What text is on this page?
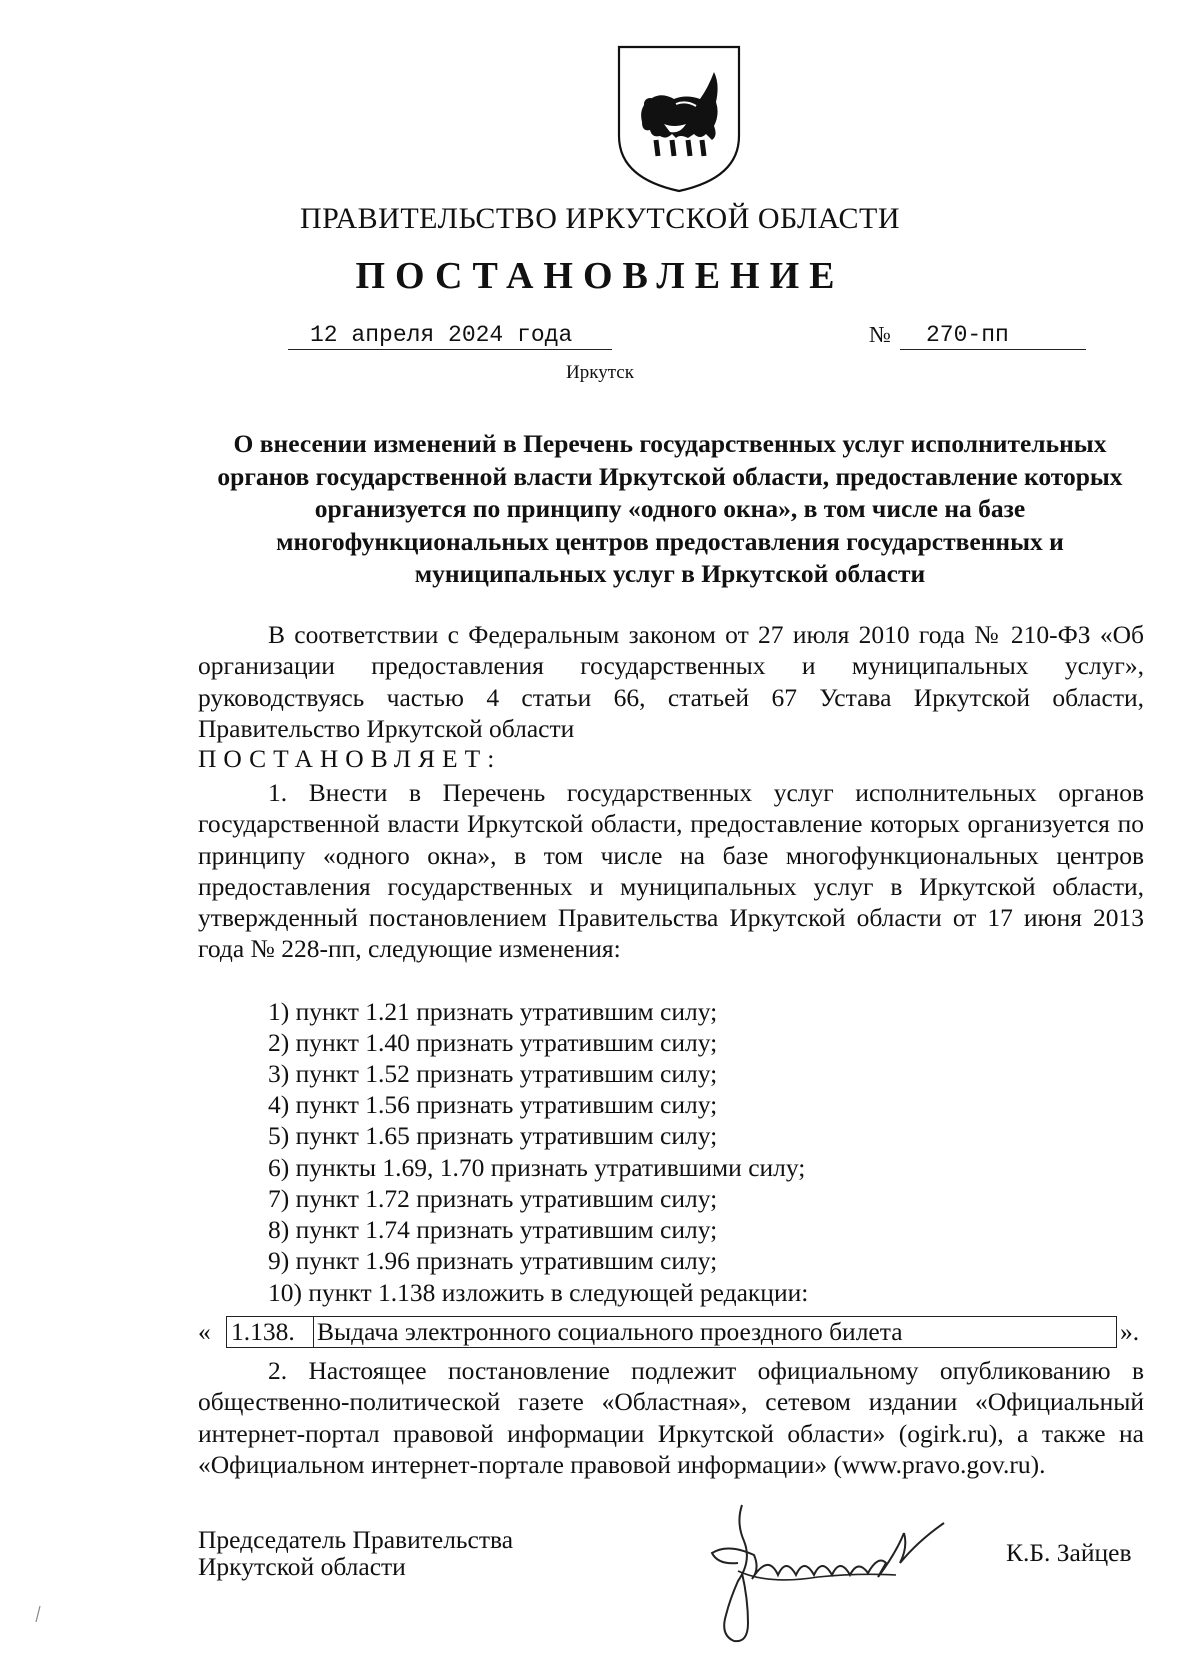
ПРАВИТЕЛЬСТВО ИРКУТСКОЙ ОБЛАСТИ
ПОСТАНОВЛЕНИЕ
12 апреля 2024 года	№	270-пп
Иркутск
О внесении изменений в Перечень государственных услуг исполнительных органов государственной власти Иркутской области, предоставление которых организуется по принципу «одного окна», в том числе на базе многофункциональных центров предоставления государственных и муниципальных услуг в Иркутской области
В соответствии с Федеральным законом от 27 июля 2010 года № 210-ФЗ «Об организации предоставления государственных и муниципальных услуг», руководствуясь частью 4 статьи 66, статьей 67 Устава Иркутской области, Правительство Иркутской области
ПОСТАНОВЛЯЕТ:
1. Внести в Перечень государственных услуг исполнительных органов государственной власти Иркутской области, предоставление которых организуется по принципу «одного окна», в том числе на базе многофункциональных центров предоставления государственных и муниципальных услуг в Иркутской области, утвержденный постановлением Правительства Иркутской области от 17 июня 2013 года № 228-пп, следующие изменения:
1) пункт 1.21 признать утратившим силу;
2) пункт 1.40 признать утратившим силу;
3) пункт 1.52 признать утратившим силу;
4) пункт 1.56 признать утратившим силу;
5) пункт 1.65 признать утратившим силу;
6) пункты 1.69, 1.70 признать утратившими силу;
7) пункт 1.72 признать утратившим силу;
8) пункт 1.74 признать утратившим силу;
9) пункт 1.96 признать утратившим силу;
10) пункт 1.138 изложить в следующей редакции:
« 1.138. Выдача электронного социального проездного билета	».
2. Настоящее постановление подлежит официальному опубликованию в общественно-политической газете «Областная», сетевом издании «Официальный интернет-портал правовой информации Иркутской области» (ogirk.ru), а также на «Официальном интернет-портале правовой информации» (www.pravo.gov.ru).
Председатель Правительства
Иркутской области	К.Б. Зайцев
